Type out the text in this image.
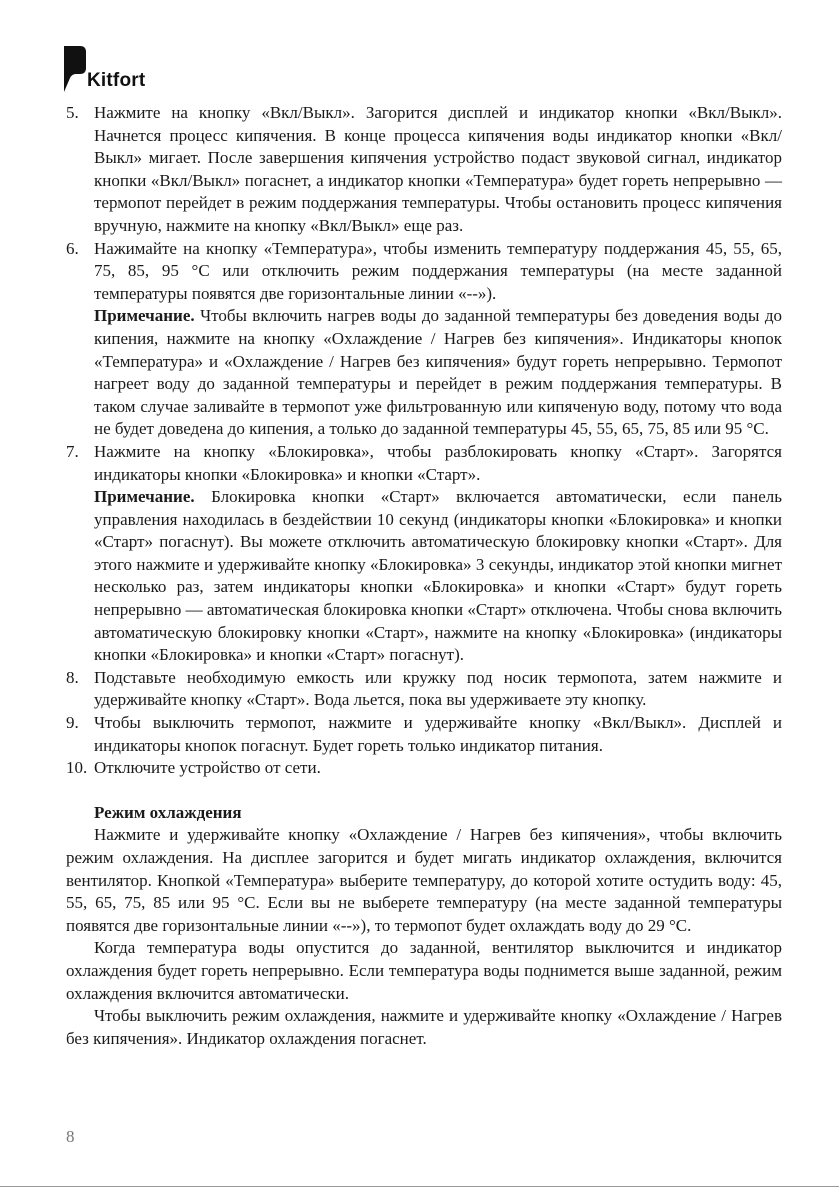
Kitfort
5. Нажмите на кнопку «Вкл/Выкл». Загорится дисплей и индикатор кнопки «Вкл/Выкл». Начнется процесс кипячения. В конце процесса кипячения воды индикатор кнопки «Вкл/Выкл» мигает. После завершения кипячения устройство подаст звуковой сигнал, индикатор кнопки «Вкл/Выкл» погаснет, а индикатор кнопки «Температура» будет гореть непрерывно — термопот перейдет в режим поддержания температуры. Чтобы остановить процесс кипячения вручную, нажмите на кнопку «Вкл/Выкл» еще раз.

6. Нажимайте на кнопку «Температура», чтобы изменить температуру поддержания 45, 55, 65, 75, 85, 95 °C или отключить режим поддержания температуры (на месте заданной температуры появятся две горизонтальные линии «--»).

Примечание. Чтобы включить нагрев воды до заданной температуры без доведения воды до кипения, нажмите на кнопку «Охлаждение / Нагрев без кипячения». Индикаторы кнопок «Температура» и «Охлаждение / Нагрев без кипячения» будут гореть непрерывно. Термопот нагреет воду до заданной температуры и перейдет в режим поддержания температуры. В таком случае заливайте в термопот уже фильтрованную или кипяченую воду, потому что вода не будет доведена до кипения, а только до заданной температуры 45, 55, 65, 75, 85 или 95 °C.

7. Нажмите на кнопку «Блокировка», чтобы разблокировать кнопку «Старт». Загорятся индикаторы кнопки «Блокировка» и кнопки «Старт».

Примечание. Блокировка кнопки «Старт» включается автоматически, если панель управления находилась в бездействии 10 секунд (индикаторы кнопки «Блокировка» и кнопки «Старт» погаснут). Вы можете отключить автоматическую блокировку кнопки «Старт». Для этого нажмите и удерживайте кнопку «Блокировка» 3 секунды, индикатор этой кнопки мигнет несколько раз, затем индикаторы кнопки «Блокировка» и кнопки «Старт» будут гореть непрерывно — автоматическая блокировка кнопки «Старт» отключена. Чтобы снова включить автоматическую блокировку кнопки «Старт», нажмите на кнопку «Блокировка» (индикаторы кнопки «Блокировка» и кнопки «Старт» погаснут).

8. Подставьте необходимую емкость или кружку под носик термопота, затем нажмите и удерживайте кнопку «Старт». Вода льется, пока вы удерживаете эту кнопку.

9. Чтобы выключить термопот, нажмите и удерживайте кнопку «Вкл/Выкл». Дисплей и индикаторы кнопок погаснут. Будет гореть только индикатор питания.

10. Отключите устройство от сети.

Режим охлаждения

Нажмите и удерживайте кнопку «Охлаждение / Нагрев без кипячения», чтобы включить режим охлаждения. На дисплее загорится и будет мигать индикатор охлаждения, включится вентилятор. Кнопкой «Температура» выберите температуру, до которой хотите остудить воду: 45, 55, 65, 75, 85 или 95 °C. Если вы не выберете температуру (на месте заданной температуры появятся две горизонтальные линии «--»), то термопот будет охлаждать воду до 29 °C.

Когда температура воды опустится до заданной, вентилятор выключится и индикатор охлаждения будет гореть непрерывно. Если температура воды поднимется выше заданной, режим охлаждения включится автоматически.

Чтобы выключить режим охлаждения, нажмите и удерживайте кнопку «Охлаждение / Нагрев без кипячения». Индикатор охлаждения погаснет.

8
